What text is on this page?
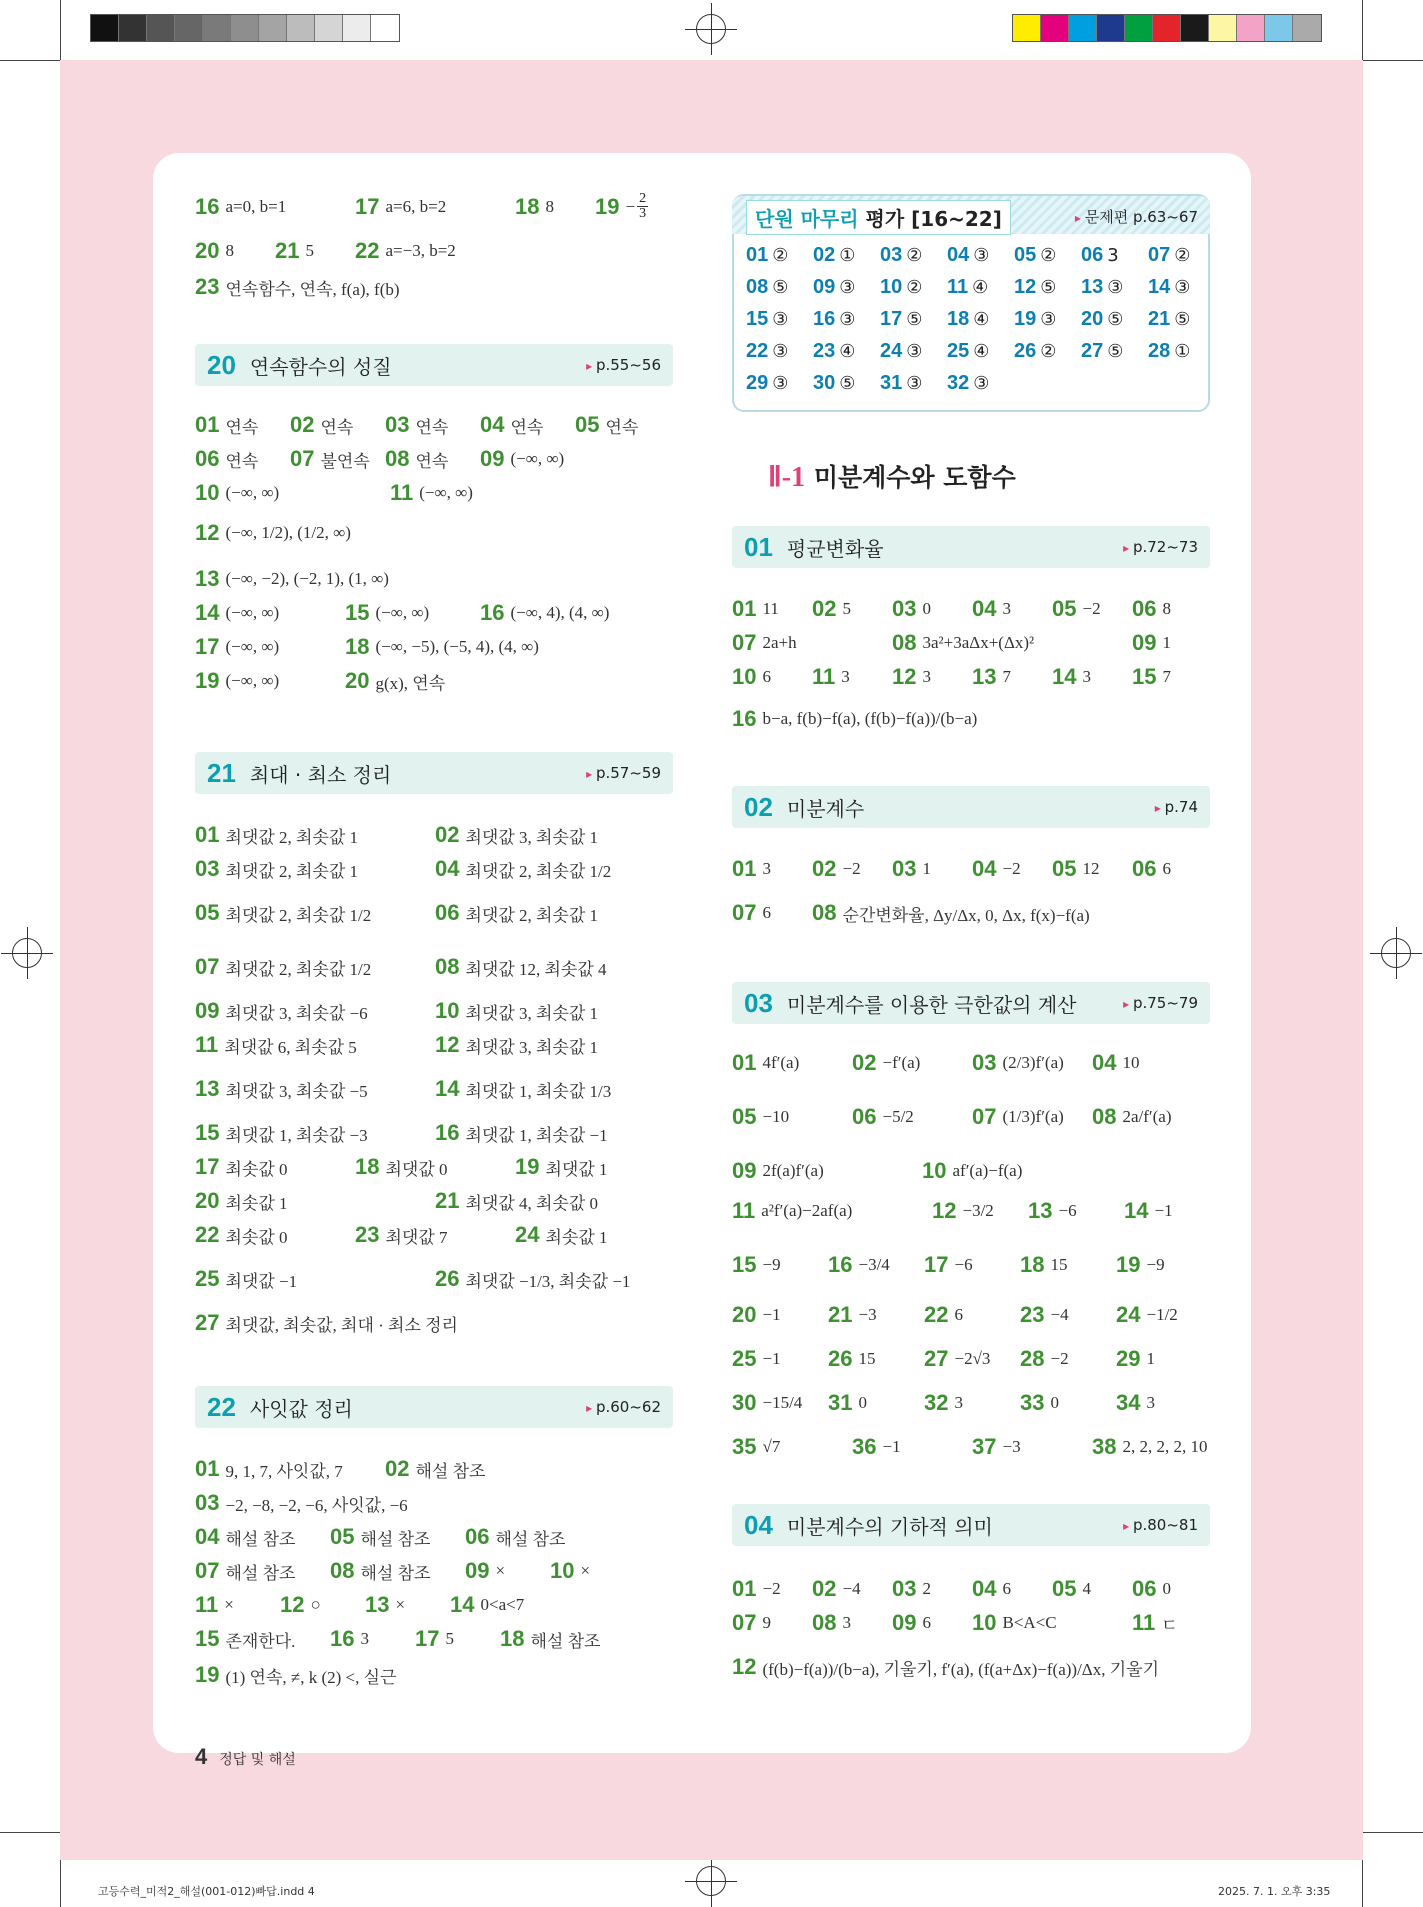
4 정답 및 해설
고등수력_미적2_해설(001-012)빠답.indd 4	2025. 7. 1. 오후 3:35
단원 마무리 평가 [16~22]	▸ 문제편 p.63~67
01 ② 02 ① 03 ② 04 ③ 05 ② 06 3 07 ②
08 ⑤ 09 ③ 10 ② 11 ④ 12 ⑤ 13 ③ 14 ③
15 ③ 16 ③ 17 ⑤ 18 ④ 19 ③ 20 ⑤ 21 ⑤
22 ③ 23 ④ 24 ③ 25 ④ 26 ② 27 ⑤ 28 ①
29 ③ 30 ⑤ 31 ③ 32 ③
Ⅱ-1 미분계수와 도함수
16 a=0, b=1	17 a=6, b=2	18 8 $19 - \frac{2}{3}$
20 8 21 5 22 a=−3, b=2
23 연속함수, 연속, f(a), f(b)
20 연속함수의 성질	▸ p.55~56
01 연속 02 연속 03 연속 04 연속 05 연속
06 연속 07 불연속 08 연속 09 (−∞, ∞)
10 (−∞, ∞)	11 (−∞, ∞)
12 (−∞, 1/2), (1/2, ∞)
13 (−∞, −2), (−2, 1), (1, ∞)
14 (−∞, ∞)	15 (−∞, ∞) 16 (−∞, 4), (4, ∞)
17 (−∞, ∞)	18 (−∞, −5), (−5, 4), (4, ∞)
19 (−∞, ∞)	20 g(x), 연속
21 최대 · 최소 정리	▸ p.57~59
01 최댓값 2, 최솟값 1	02 최댓값 3, 최솟값 1
03 최댓값 2, 최솟값 1	04 최댓값 2, 최솟값 1/2
05 최댓값 2, 최솟값 1/2	06 최댓값 2, 최솟값 1
07 최댓값 2, 최솟값 1/2	08 최댓값 12, 최솟값 4
09 최댓값 3, 최솟값 −6	10 최댓값 3, 최솟값 1
11 최댓값 6, 최솟값 5	12 최댓값 3, 최솟값 1
13 최댓값 3, 최솟값 −5	14 최댓값 1, 최솟값 1/3
15 최댓값 1, 최솟값 −3	16 최댓값 1, 최솟값 −1
17 최솟값 0	18 최댓값 0	19 최댓값 1
20 최솟값 1	21 최댓값 4, 최솟값 0
22 최솟값 0	23 최댓값 7	24 최솟값 1
25 최댓값 −1	26 최댓값 −1/3, 최솟값 −1
27 최댓값, 최솟값, 최대 · 최소 정리
22 사잇값 정리	▸ p.60~62
01 9, 1, 7, 사잇값, 7 02 해설 참조
03 −2, −8, −2, −6, 사잇값, −6
04 해설 참조 05 해설 참조 06 해설 참조
07 해설 참조 08 해설 참조 09 × 10 ×
11 × 12 ○ 13 × 14 0<a<7
15 존재한다. 16 3 17 5 18 해설 참조
19 (1) 연속, ≠, k (2) <, 실근
01 평균변화율	▸ p.72~73
01 11 02 5 03 0 04 3 05 −2 06 8
07 2a+h	08 3a²+3aΔx+(Δx)²	09 1
10 6 11 3 12 3 13 7 14 3 15 7
16 b−a, f(b)−f(a), (f(b)−f(a))/(b−a)
02 미분계수	▸ p.74
01 3 02 −2 03 1 04 −2 05 12 06 6
07 6 08 순간변화율, Δy/Δx, 0, Δx, f(x)−f(a)
03 미분계수를 이용한 극한값의 계산	▸ p.75~79
01 4f′(a) 02 −f′(a) 03 (2/3)f′(a) 04 10
05 −10	06 −5/2	07 (1/3)f′(a) 08 2a/f′(a)
09 2f(a)f′(a)	10 af′(a)−f(a)
11 a²f′(a)−2af(a)	12 −3/2 13 −6 14 −1
15 −9 16 −3/4 17 −6 18 15 19 −9
20 −1 21 −3 22 6	23 −4 24 −1/2
25 −1 26 15 27 −2√3 28 −2 29 1
30 −15/4 31 0	32 3	33 0	34 3
35 √7	36 −1	37 −3	38 2, 2, 2, 2, 10
04 미분계수의 기하적 의미	▸ p.80~81
01 −2 02 −4 03 2 04 6 05 4 06 0
07 9 08 3 09 6 10 B<A<C	11 ㄷ
12 (f(b)−f(a))/(b−a), 기울기, f′(a), (f(a+Δx)−f(a))/Δx, 기울기
